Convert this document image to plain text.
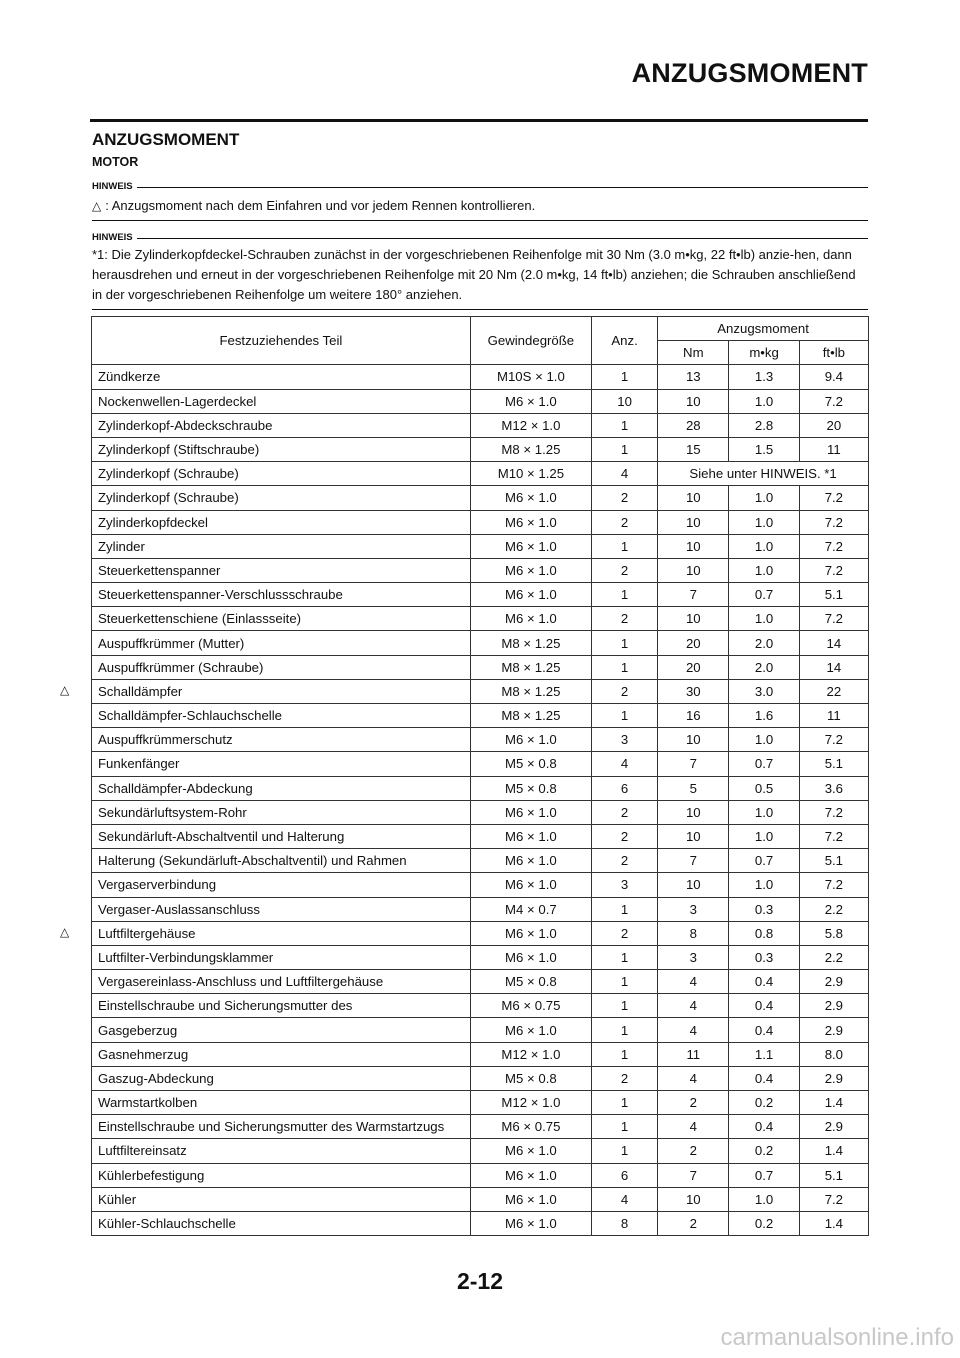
ANZUGSMOMENT
ANZUGSMOMENT
MOTOR
HINWEIS
△ : Anzugsmoment nach dem Einfahren und vor jedem Rennen kontrollieren.
HINWEIS
*1: Die Zylinderkopfdeckel-Schrauben zunächst in der vorgeschriebenen Reihenfolge mit 30 Nm (3.0 m•kg, 22 ft•lb) anzie-hen, dann herausdrehen und erneut in der vorgeschriebenen Reihenfolge mit 20 Nm (2.0 m•kg, 14 ft•lb) anziehen; die Schrauben anschließend in der vorgeschriebenen Reihenfolge um weitere 180° anziehen.
Festzuziehendes Teil	Gewindegröße	Anz.	Anzugsmoment		
			Nm	m•kg	ft•lb
Zündkerze	M10S × 1.0	1	13	1.3	9.4
Nockenwellen-Lagerdeckel	M6 × 1.0	10	10	1.0	7.2
Zylinderkopf-Abdeckschraube	M12 × 1.0	1	28	2.8	20
Zylinderkopf (Stiftschraube)	M8 × 1.25	1	15	1.5	11
Zylinderkopf (Schraube)	M10 × 1.25	4	Siehe unter HINWEIS. *1		
Zylinderkopf (Schraube)	M6 × 1.0	2	10	1.0	7.2
Zylinderkopfdeckel	M6 × 1.0	2	10	1.0	7.2
Zylinder	M6 × 1.0	1	10	1.0	7.2
Steuerkettenspanner	M6 × 1.0	2	10	1.0	7.2
Steuerkettenspanner-Verschlussschraube	M6 × 1.0	1	7	0.7	5.1
Steuerkettenschiene (Einlassseite)	M6 × 1.0	2	10	1.0	7.2
Auspuffkrümmer (Mutter)	M8 × 1.25	1	20	2.0	14
Auspuffkrümmer (Schraube)	M8 × 1.25	1	20	2.0	14
Schalldämpfer	M8 × 1.25	2	30	3.0	22
Schalldämpfer-Schlauchschelle	M8 × 1.25	1	16	1.6	11
Auspuffkrümmerschutz	M6 × 1.0	3	10	1.0	7.2
Funkenfänger	M5 × 0.8	4	7	0.7	5.1
Schalldämpfer-Abdeckung	M5 × 0.8	6	5	0.5	3.6
Sekundärluftsystem-Rohr	M6 × 1.0	2	10	1.0	7.2
Sekundärluft-Abschaltventil und Halterung	M6 × 1.0	2	10	1.0	7.2
Halterung (Sekundärluft-Abschaltventil) und Rahmen	M6 × 1.0	2	7	0.7	5.1
Vergaserverbindung	M6 × 1.0	3	10	1.0	7.2
Vergaser-Auslassanschluss	M4 × 0.7	1	3	0.3	2.2
Luftfiltergehäuse	M6 × 1.0	2	8	0.8	5.8
Luftfilter-Verbindungsklammer	M6 × 1.0	1	3	0.3	2.2
Vergasereinlass-Anschluss und Luftfiltergehäuse	M5 × 0.8	1	4	0.4	2.9
Einstellschraube und Sicherungsmutter des	M6 × 0.75	1	4	0.4	2.9
Gasgeberzug	M6 × 1.0	1	4	0.4	2.9
Gasnehmerzug	M12 × 1.0	1	11	1.1	8.0
Gaszug-Abdeckung	M5 × 0.8	2	4	0.4	2.9
Warmstartkolben	M12 × 1.0	1	2	0.2	1.4
Einstellschraube und Sicherungsmutter des Warmstartzugs	M6 × 0.75	1	4	0.4	2.9
Luftfiltereinsatz	M6 × 1.0	1	2	0.2	1.4
Kühlerbefestigung	M6 × 1.0	6	7	0.7	5.1
Kühler	M6 × 1.0	4	10	1.0	7.2
Kühler-Schlauchschelle	M6 × 1.0	8	2	0.2	1.4
△
△
2-12
carmanualsonline.info
